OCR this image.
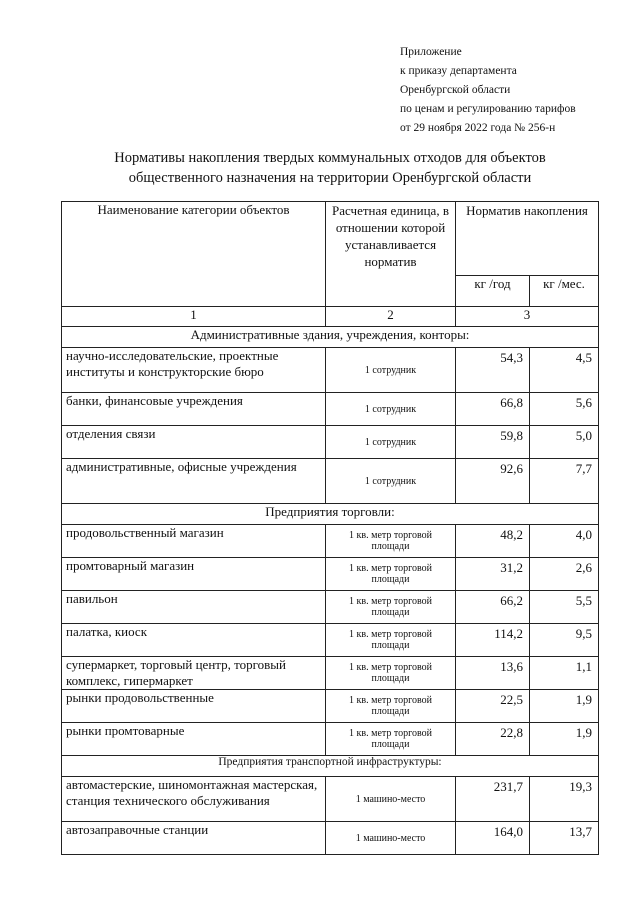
Приложение
к приказу департамента
Оренбургской области
по ценам и регулированию тарифов
от 29 ноября 2022 года № 256-н
Нормативы накопления твердых коммунальных отходов для объектов
общественного назначения на территории Оренбургской области
Наименование категории объектов	Расчетная единица, в отношении которой устанавливается норматив	Норматив накопления	
		кг /год	кг /мес.
1	2	3	
Административные здания, учреждения, конторы:			
научно-исследовательские, проектные институты и конструкторские бюро	1 сотрудник	54,3	4,5
банки, финансовые учреждения	1 сотрудник	66,8	5,6
отделения связи	1 сотрудник	59,8	5,0
административные, офисные учреждения	1 сотрудник	92,6	7,7
Предприятия торговли:			
продовольственный магазин	1 кв. метр торговой площади	48,2	4,0
промтоварный магазин	1 кв. метр торговой площади	31,2	2,6
павильон	1 кв. метр торговой площади	66,2	5,5
палатка, киоск	1 кв. метр торговой площади	114,2	9,5
супермаркет, торговый центр, торговый комплекс, гипермаркет	1 кв. метр торговой площади	13,6	1,1
рынки продовольственные	1 кв. метр торговой площади	22,5	1,9
рынки промтоварные	1 кв. метр торговой площади	22,8	1,9
Предприятия транспортной инфраструктуры:			
автомастерские, шиномонтажная мастерская, станция технического обслуживания	1 машино-место	231,7	19,3
автозаправочные станции	1 машино-место	164,0	13,7
